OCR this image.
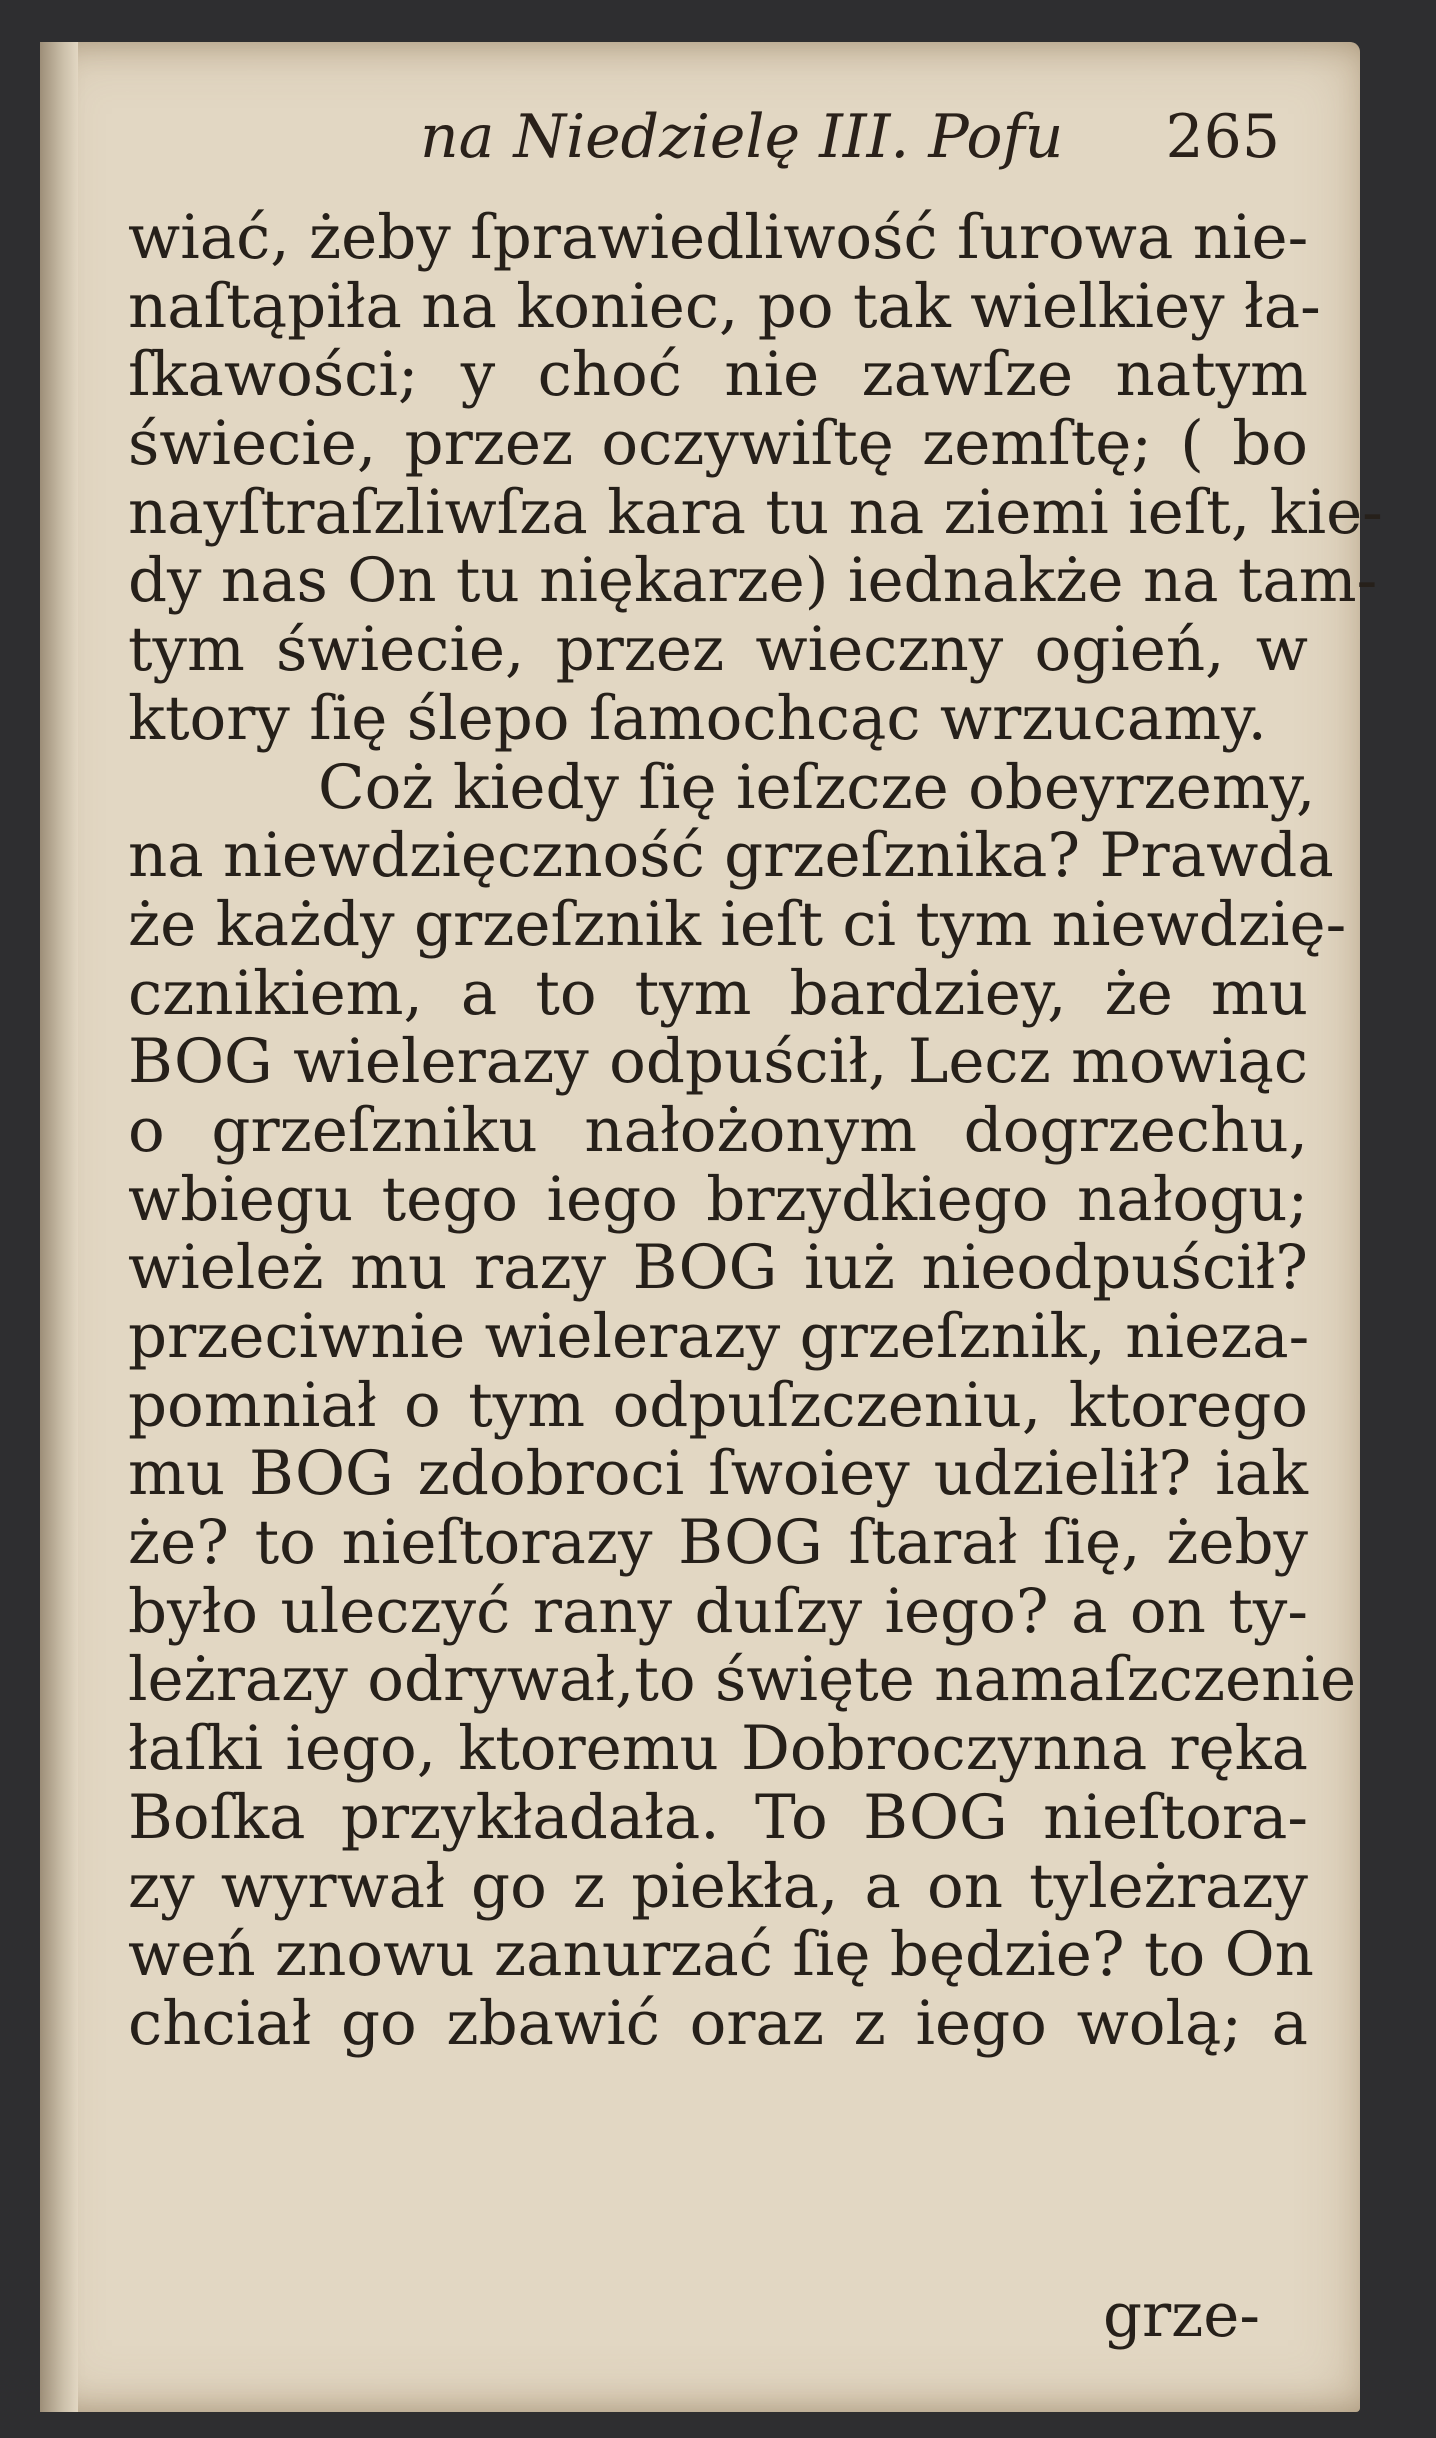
na Niedzielę III. Pofu 265
wiać, żeby ſprawiedliwość ſurowa nie-
naſtąpiła na koniec, po tak wielkiey ła-
ſkawości; y choć nie zawſze natym
świecie, przez oczywiſtę zemſtę; ( bo
nayſtraſzliwſza kara tu na ziemi ieſt, kie-
dy nas On tu niękarze) iednakże na tam-
tym świecie, przez wieczny ogień, w
ktory ſię ślepo ſamochcąc wrzucamy.
Coż kiedy ſię ieſzcze obeyrzemy,
na niewdzięczność grzeſznika? Prawda
że każdy grzeſznik ieſt ci tym niewdzię-
cznikiem, a to tym bardziey, że mu
BOG wielerazy odpuścił, Lecz mowiąc
o grzeſzniku nałożonym dogrzechu,
wbiegu tego iego brzydkiego nałogu;
wieleż mu razy BOG iuż nieodpuścił?
przeciwnie wielerazy grzeſznik, nieza-
pomniał o tym odpuſzczeniu, ktorego
mu BOG zdobroci ſwoiey udzielił? iak
że? to nieſtorazy BOG ſtarał ſię, żeby
było uleczyć rany duſzy iego? a on ty-
leżrazy odrywał,to święte namaſzczenie
łaſki iego, ktoremu Dobroczynna ręka
Boſka przykładała. To BOG nieſtora-
zy wyrwał go z piekła, a on tyleżrazy
weń znowu zanurzać ſię będzie? to On
chciał go zbawić oraz z iego wolą; a
grze-
